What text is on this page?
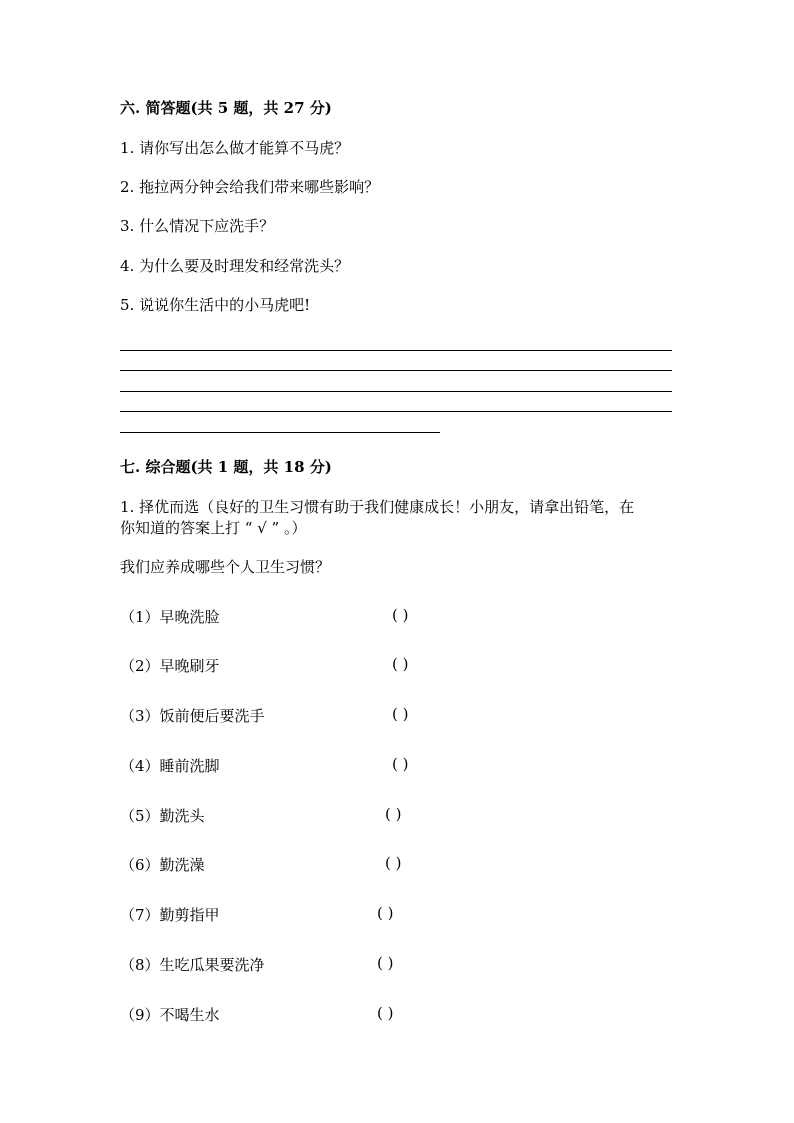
六. 简答题(共 5 题，共 27 分)
1. 请你写出怎么做才能算不马虎？
2. 拖拉两分钟会给我们带来哪些影响？
3. 什么情况下应洗手？
4. 为什么要及时理发和经常洗头？
5. 说说你生活中的小马虎吧!
七. 综合题(共 1 题，共 18 分)
1. 择优而选（良好的卫生习惯有助于我们健康成长！小朋友，请拿出铅笔，在
你知道的答案上打 “ √ ” 。）
我们应养成哪些个人卫生习惯？
（1）早晚洗脸	( )
（2）早晚刷牙	( )
（3）饭前便后要洗手	( )
（4）睡前洗脚	( )
（5）勤洗头	( )
（6）勤洗澡	( )
（7）勤剪指甲	( )
（8）生吃瓜果要洗净	( )
（9）不喝生水	( )
